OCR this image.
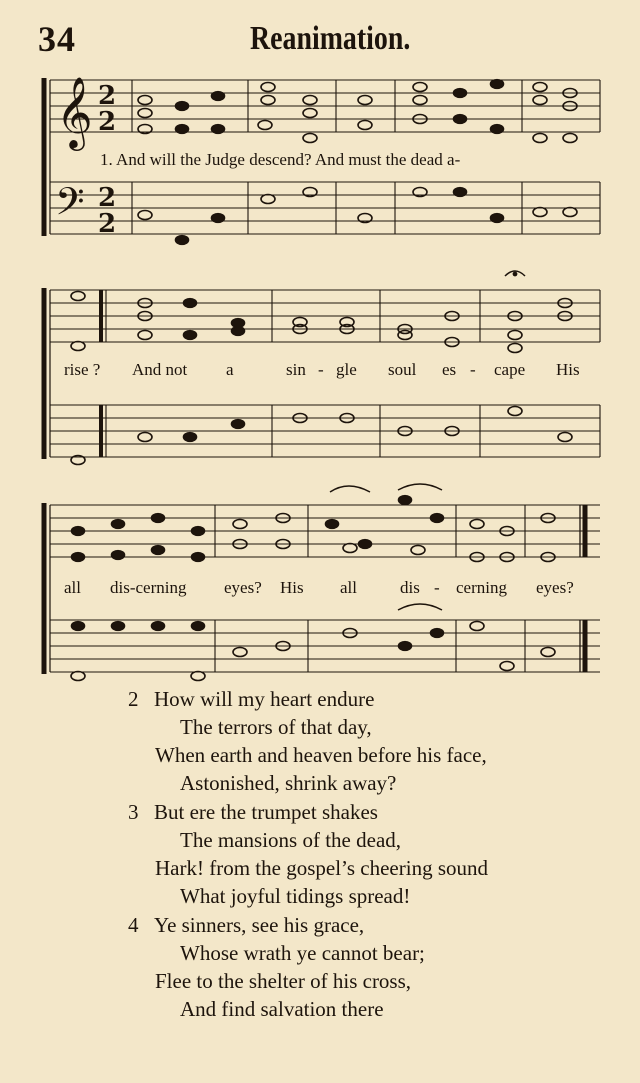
34	Reanimation.
𝄞
𝄢
2
2
2
2
1. And will the Judge descend? And must the dead a-
rise ? And not a	sin - gle soul es - cape His
all dis-cerning eyes? His all	dis - cerning eyes?
2 How will my heart endure
The terrors of that day,
When earth and heaven before his face,
Astonished, shrink away?
3 But ere the trumpet shakes
The mansions of the dead,
Hark! from the gospel’s cheering sound
What joyful tidings spread!
4 Ye sinners, see his grace,
Whose wrath ye cannot bear;
Flee to the shelter of his cross,
And find salvation there
